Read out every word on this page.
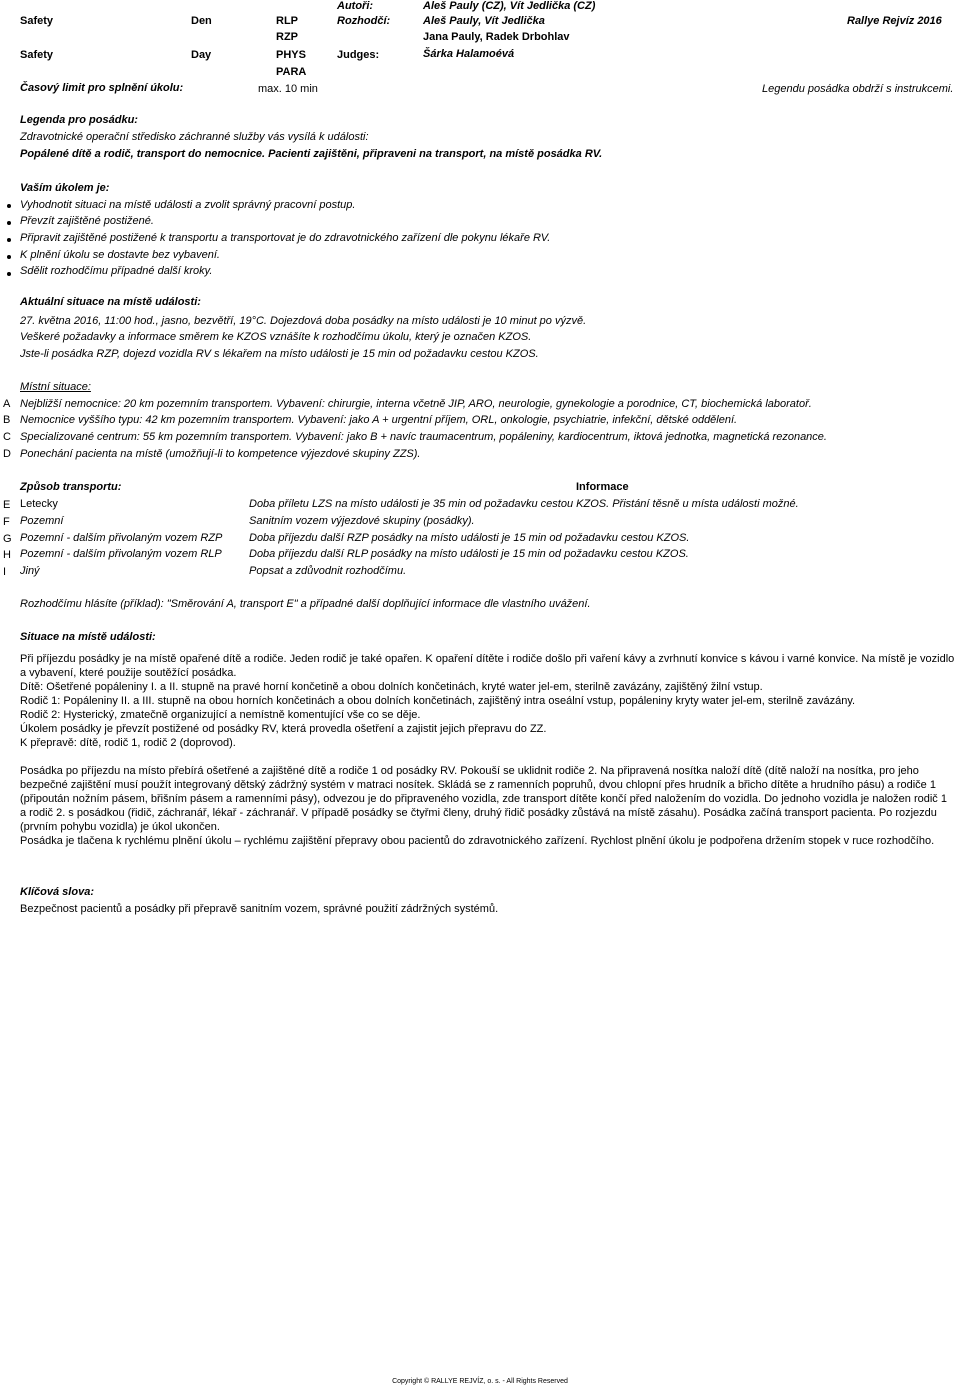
Safety	Den	RLP
RZP
Autoři:	Aleš Pauly (CZ), Vít Jedlička (CZ)
Rozhodčí:	Aleš Pauly, Vít Jedlička
Jana Pauly, Radek Drbohlav
Rallye Rejvíz 2016
Safety	Day	PHYS	Judges:	Šárka Halamoévá
PARA
Časový limit pro splnění úkolu:	max. 10 min	Legendu posádka obdrží s instrukcemi.
Legenda pro posádku:
Zdravotnické operační středisko záchranné služby vás vysílá k události:
Popálené dítě a rodič, transport do nemocnice. Pacienti zajištěni, připraveni na transport, na místě posádka RV.
Vaším úkolem je:
Vyhodnotit situaci na místě události a zvolit správný pracovní postup.
Převzít zajištěné postižené.
Připravit zajištěné postižené k transportu a transportovat je do zdravotnického zařízení dle pokynu lékaře RV.
K plnění úkolu se dostavte bez vybavení.
Sdělit rozhodčímu případné další kroky.
Aktuální situace na místě události:
27. května 2016, 11:00 hod., jasno, bezvětří, 19°C. Dojezdová doba posádky na místo události je 10 minut po výzvě.
Veškeré požadavky a informace směrem ke KZOS vznášíte k rozhodčímu úkolu, který je označen KZOS.
Jste-li posádka RZP, dojezd vozidla RV s lékařem na místo události je 15 min od požadavku cestou KZOS.
Místní situace:
A Nejbližší nemocnice: 20 km pozemním transportem. Vybavení: chirurgie, interna včetně JIP, ARO, neurologie, gynekologie a porodnice, CT, biochemická laboratoř.
B Nemocnice vyššího typu: 42 km pozemním transportem. Vybavení: jako A + urgentní příjem, ORL, onkologie, psychiatrie, infekční, dětské oddělení.
C Specializované centrum: 55 km pozemním transportem. Vybavení: jako B + navíc traumacentrum, popáleniny, kardiocentrum, iktová jednotka, magnetická rezonance.
D Ponechání pacienta na místě (umožňují-li to kompetence výjezdové skupiny ZZS).
Způsob transportu:	Informace
E Letecky	Doba příletu LZS na místo události je 35 min od požadavku cestou KZOS. Přistání těsně u místa události možné.
F Pozemní	Sanitním vozem výjezdové skupiny (posádky).
G Pozemní - dalším přivolaným vozem RZP Doba příjezdu další RZP posádky na místo události je 15 min od požadavku cestou KZOS.
H Pozemní - dalším přivolaným vozem RLP Doba příjezdu další RLP posádky na místo události je 15 min od požadavku cestou KZOS.
I Jiný	Popsat a zdůvodnit rozhodčímu.
Rozhodčímu hlásíte (příklad): "Směrování A, transport E" a případné další doplňující informace dle vlastního uvážení.
Situace na místě události:
Při příjezdu posádky je na místě opařené dítě a rodiče. Jeden rodič je také opařen. K opaření dítěte i rodiče došlo při vaření kávy a zvrhnutí konvice s kávou i varné konvice. Na místě je vozidlo a vybavení, které použije soutěžící posádka.
Dítě: Ošetřené popáleniny I. a II. stupně na pravé horní končetině a obou dolních končetinách, kryté water jel-em, sterilně zavázány, zajištěný žilní vstup.
Rodič 1: Popáleniny II. a III. stupně na obou horních končetinách a obou dolních končetinách, zajištěný intra oseální vstup, popáleniny kryty water jel-em, sterilně zavázány.
Rodič 2: Hysterický, zmatečně organizující a nemístně komentující vše co se děje.
Úkolem posádky je převzít postižené od posádky RV, která provedla ošetření a zajistit jejich přepravu do ZZ.
K přepravě: dítě, rodič 1, rodič 2 (doprovod).
Posádka po příjezdu na místo přebírá ošetřené a zajištěné dítě a rodiče 1 od posádky RV. Pokouší se uklidnit rodiče 2. Na připravená nosítka naloží dítě (dítě naloží na nosítka, pro jeho bezpečné zajištění musí použít integrovaný dětský zádržný systém v matraci nosítek. Skládá se z ramenních popruhů, dvou chlopní přes hrudník a břicho dítěte a hrudního pásu) a rodiče 1 (připoután nožním pásem, břišním pásem a ramenními pásy), odvezou je do připraveného vozidla, zde transport dítěte končí před naložením do vozidla. Do jednoho vozidla je naložen rodič 1 a rodič 2. s posádkou (řidič, záchranář, lékař - záchranář. V případě posádky se čtyřmi členy, druhý řidič posádky zůstává na místě zásahu). Posádka začíná transport pacienta. Po rozjezdu (prvním pohybu vozidla) je úkol ukončen.
Posádka je tlačena k rychlému plnění úkolu – rychlému zajištění přepravy obou pacientů do zdravotnického zařízení. Rychlost plnění úkolu je podpořena držením stopek v ruce rozhodčího.
Klíčová slova:
Bezpečnost pacientů a posádky při přepravě sanitním vozem, správné použití zádržných systémů.
Copyright © RALLYE REJVÍZ, o. s. - All Rights Reserved
